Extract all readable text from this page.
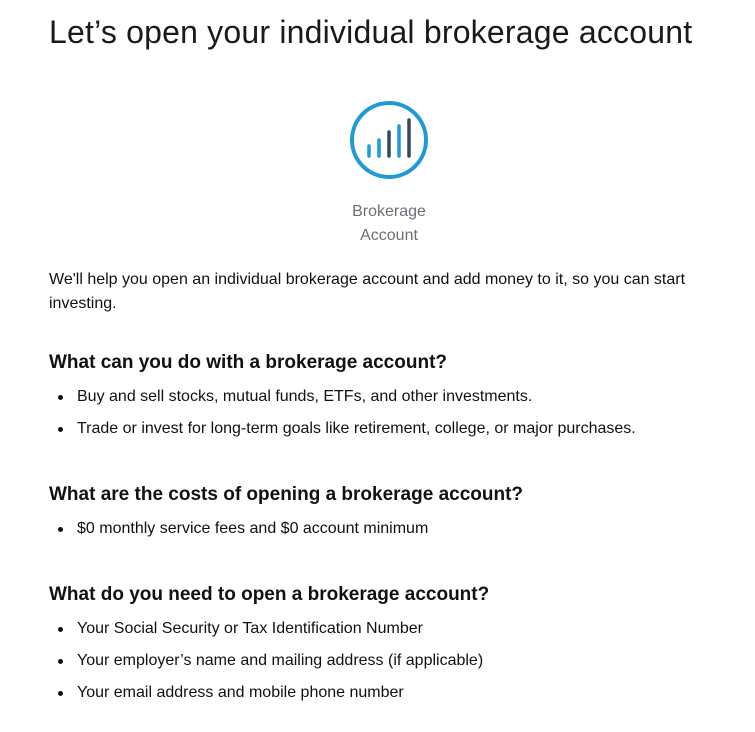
Let’s open your individual brokerage account
Brokerage
Account

We'll help you open an individual brokerage account and add money to it, so you can start investing.

What can you do with a brokerage account?
Buy and sell stocks, mutual funds, ETFs, and other investments.
Trade or invest for long-term goals like retirement, college, or major purchases.
What are the costs of opening a brokerage account?
$0 monthly service fees and $0 account minimum
What do you need to open a brokerage account?
Your Social Security or Tax Identification Number
Your employer’s name and mailing address (if applicable)
Your email address and mobile phone number
